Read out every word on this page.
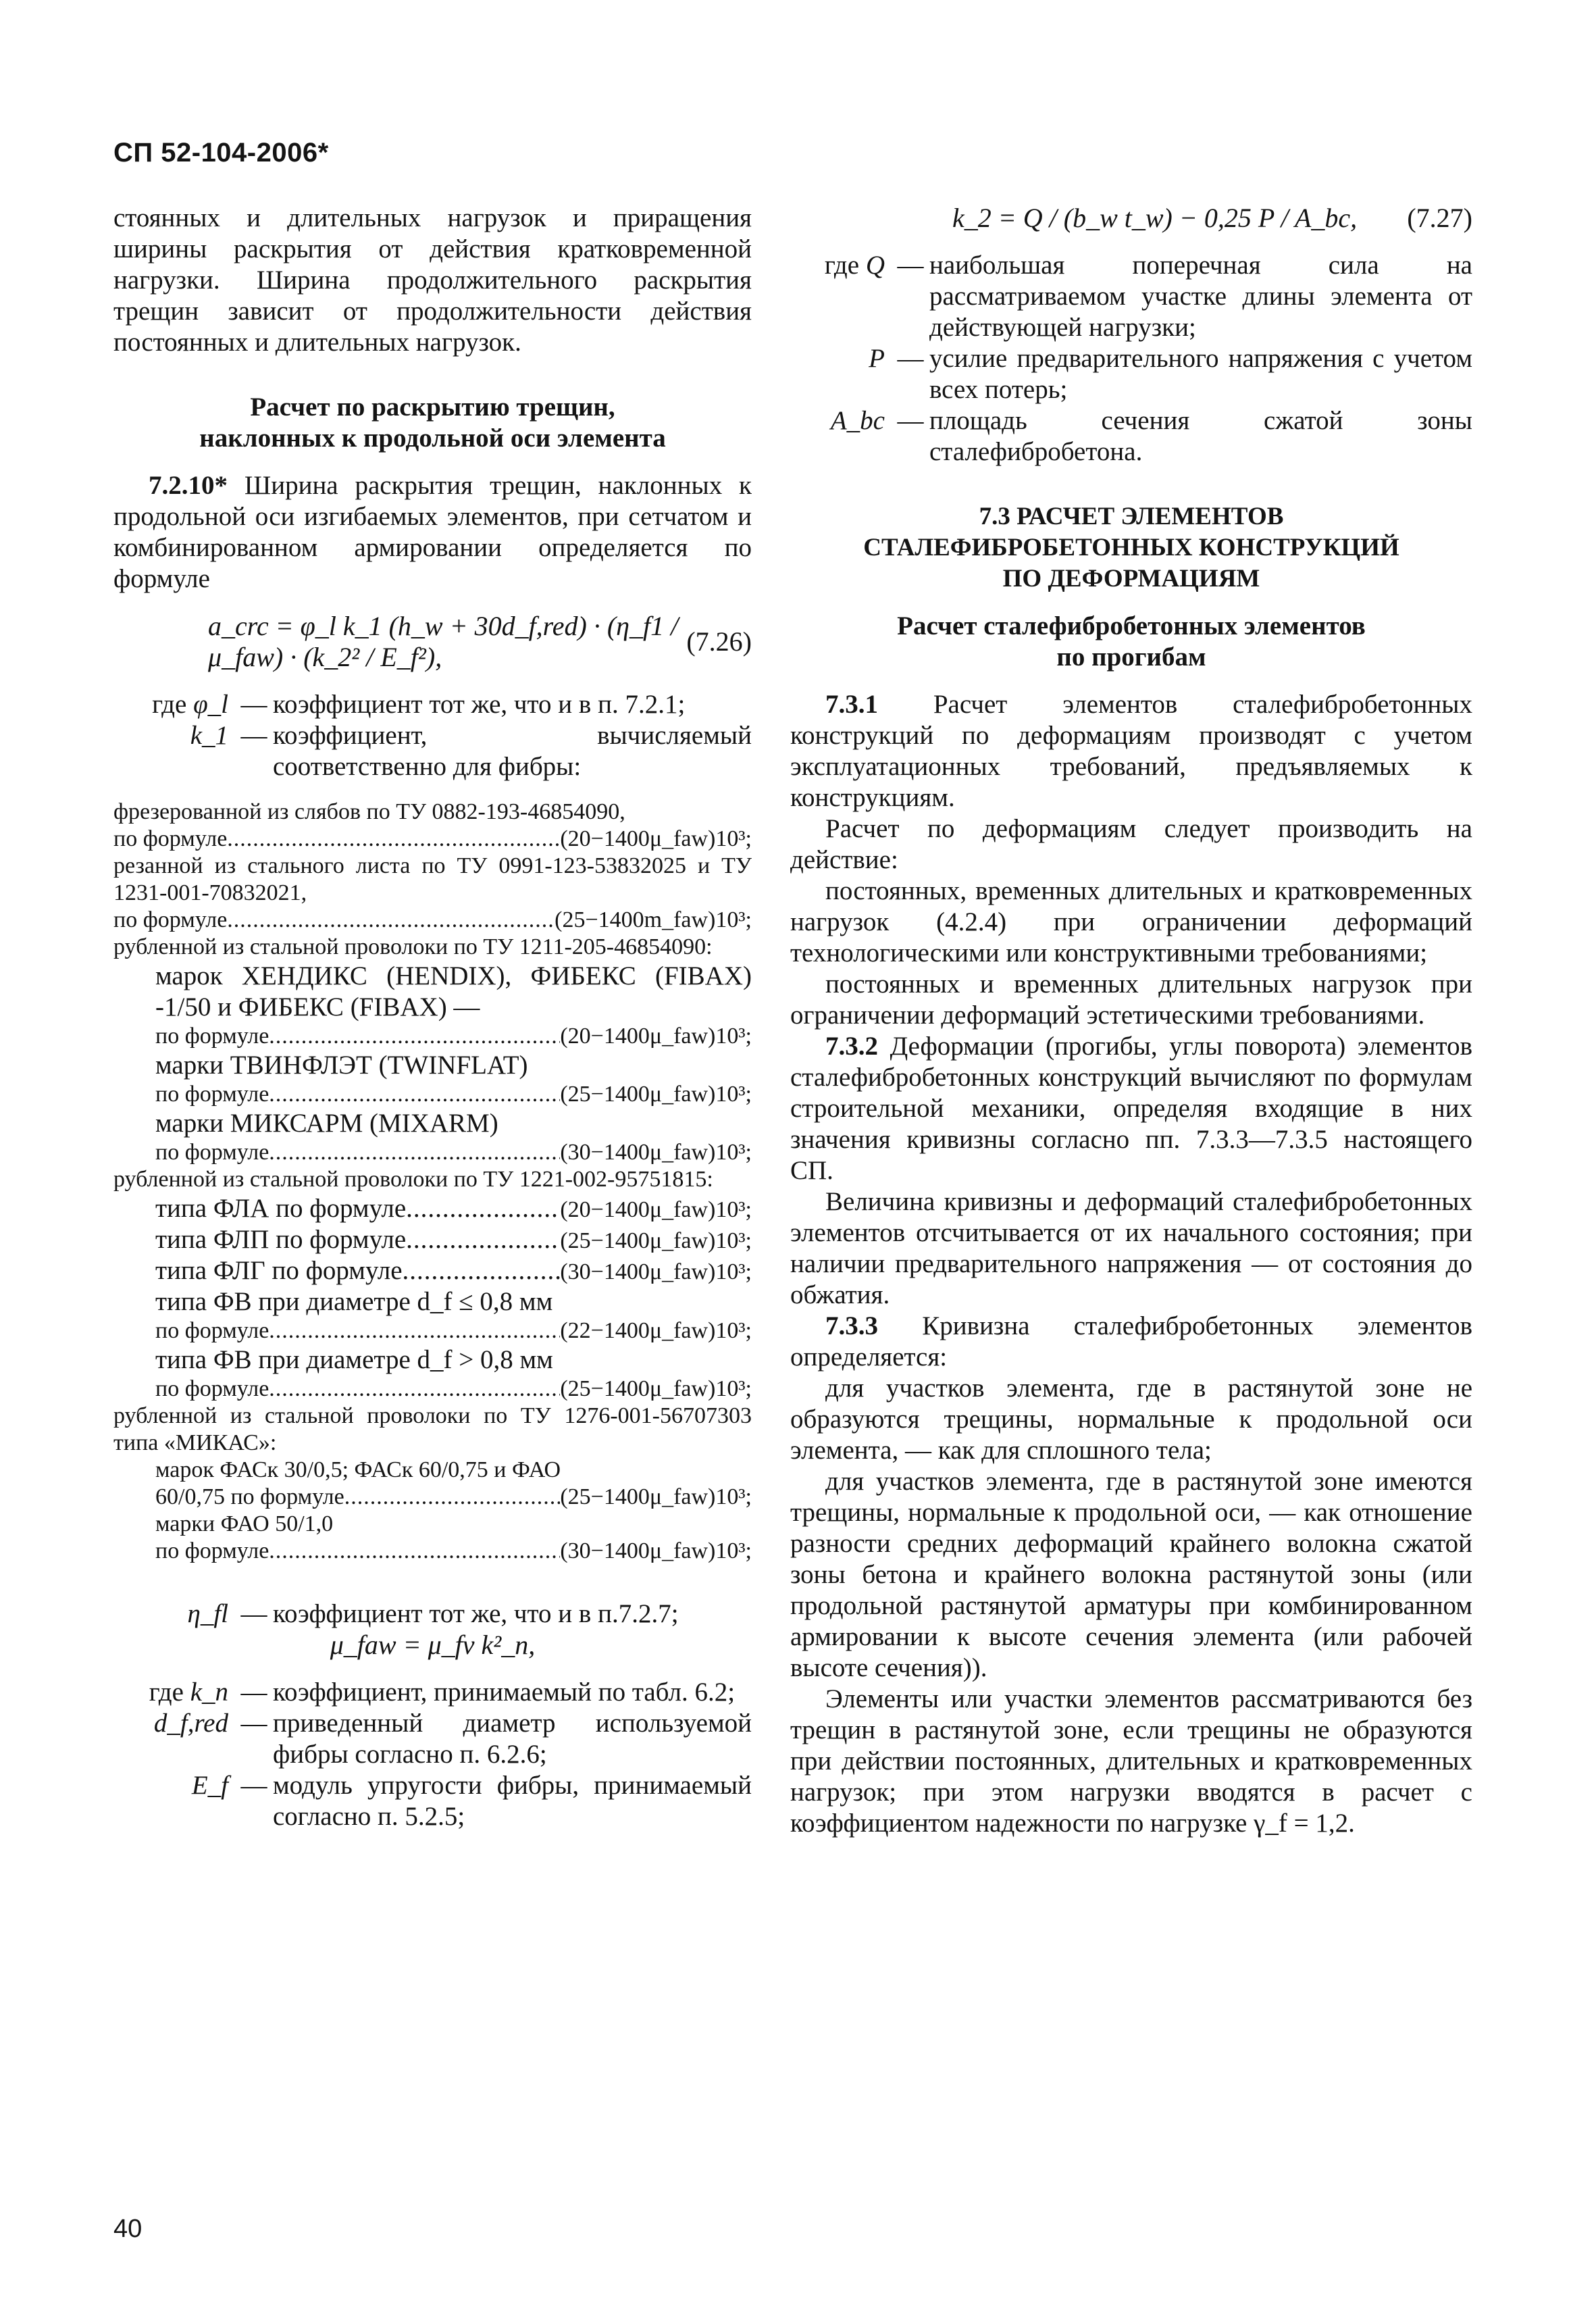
СП 52-104-2006*

стоянных и длительных нагрузок и приращения ширины раскрытия от действия кратковременной нагрузки. Ширина продолжительного раскрытия трещин зависит от продолжительности действия постоянных и длительных нагрузок.

Расчет по раскрытию трещин,
наклонных к продольной оси элемента

7.2.10* Ширина раскрытия трещин, наклонных к продольной оси изгибаемых элементов, при сетчатом и комбинированном армировании определяется по формуле

a_crc = φ_l k_1 (h_w + 30d_f,red) · (η_f1 / μ_faw) · (k_2² / E_f²),
(7.26)
где φ_l — коэффициент тот же, что и в п. 7.2.1;
k_1 — коэффициент, вычисляемый соответственно для фибры:

фрезерованной из слябов по ТУ 0882-193-46854090,

по формуле .....	(20−1400μ_faw)10³;

резанной из стального листа по ТУ 0991-123-53832025 и ТУ 1231-001-70832021,

по формуле .....	(25−1400m_faw)10³;

рубленной из стальной проволоки по ТУ 1211-205-46854090:

марок ХЕНДИКС (HENDIX), ФИБЕКС (FIBAX) -1/50 и ФИБЕКС (FIBAX) —

по формуле .....	(20−1400μ_faw)10³;

марки ТВИНФЛЭТ (TWINFLAT)

по формуле .....	(25−1400μ_faw)10³;

марки МИКСАРМ (MIXARM)

по формуле .....	(30−1400μ_faw)10³;

рубленной из стальной проволоки по ТУ 1221-002-95751815:

типа ФЛА по формуле .....	(20−1400μ_faw)10³;
типа ФЛП по формуле .....	(25−1400μ_faw)10³;
типа ФЛГ по формуле .....	(30−1400μ_faw)10³;

типа ФВ при диаметре d_f ≤ 0,8 мм

по формуле .....	(22−1400μ_faw)10³;

типа ФВ при диаметре d_f > 0,8 мм

по формуле .....	(25−1400μ_faw)10³;

рубленной из стальной проволоки по ТУ 1276-001-56707303 типа «МИКАС»:

марок ФАСк 30/0,5; ФАСк 60/0,75 и ФАО

60/0,75 по формуле .....	(25−1400μ_faw)10³;

марки ФАО 50/1,0

по формуле .....	(30−1400μ_faw)10³;
η_fl — коэффициент тот же, что и в п.7.2.7;
μ_faw = μ_fv k²_n,
где k_n — коэффициент, принимаемый по табл. 6.2;
d_f,red — приведенный диаметр используемой фибры согласно п. 6.2.6;
E_f — модуль упругости фибры, принимаемый согласно п. 5.2.5;
k_2 = Q / (b_w t_w) − 0,25 P / A_bc, (7.27)
где Q — наибольшая поперечная сила на рассматриваемом участке длины элемента от действующей нагрузки;
P — усилие предварительного напряжения с учетом всех потерь;
A_bc — площадь сечения сжатой зоны сталефибробетона.
7.3 РАСЧЕТ ЭЛЕМЕНТОВ
СТАЛЕФИБРОБЕТОННЫХ КОНСТРУКЦИЙ
ПО ДЕФОРМАЦИЯМ
Расчет сталефибробетонных элементов
по прогибам

7.3.1 Расчет элементов сталефибробетонных конструкций по деформациям производят с учетом эксплуатационных требований, предъявляемых к конструкциям.

Расчет по деформациям следует производить на действие:

постоянных, временных длительных и кратковременных нагрузок (4.2.4) при ограничении деформаций технологическими или конструктивными требованиями;

постоянных и временных длительных нагрузок при ограничении деформаций эстетическими требованиями.

7.3.2 Деформации (прогибы, углы поворота) элементов сталефибробетонных конструкций вычисляют по формулам строительной механики, определяя входящие в них значения кривизны согласно пп. 7.3.3—7.3.5 настоящего СП.

Величина кривизны и деформаций сталефибробетонных элементов отсчитывается от их начального состояния; при наличии предварительного напряжения — от состояния до обжатия.

7.3.3 Кривизна сталефибробетонных элементов определяется:

для участков элемента, где в растянутой зоне не образуются трещины, нормальные к продольной оси элемента, — как для сплошного тела;

для участков элемента, где в растянутой зоне имеются трещины, нормальные к продольной оси, — как отношение разности средних деформаций крайнего волокна сжатой зоны бетона и крайнего волокна растянутой зоны (или продольной растянутой арматуры при комбинированном армировании к высоте сечения элемента (или рабочей высоте сечения)).

Элементы или участки элементов рассматриваются без трещин в растянутой зоне, если трещины не образуются при действии постоянных, длительных и кратковременных нагрузок; при этом нагрузки вводятся в расчет с коэффициентом надежности по нагрузке γ_f = 1,2.

40
